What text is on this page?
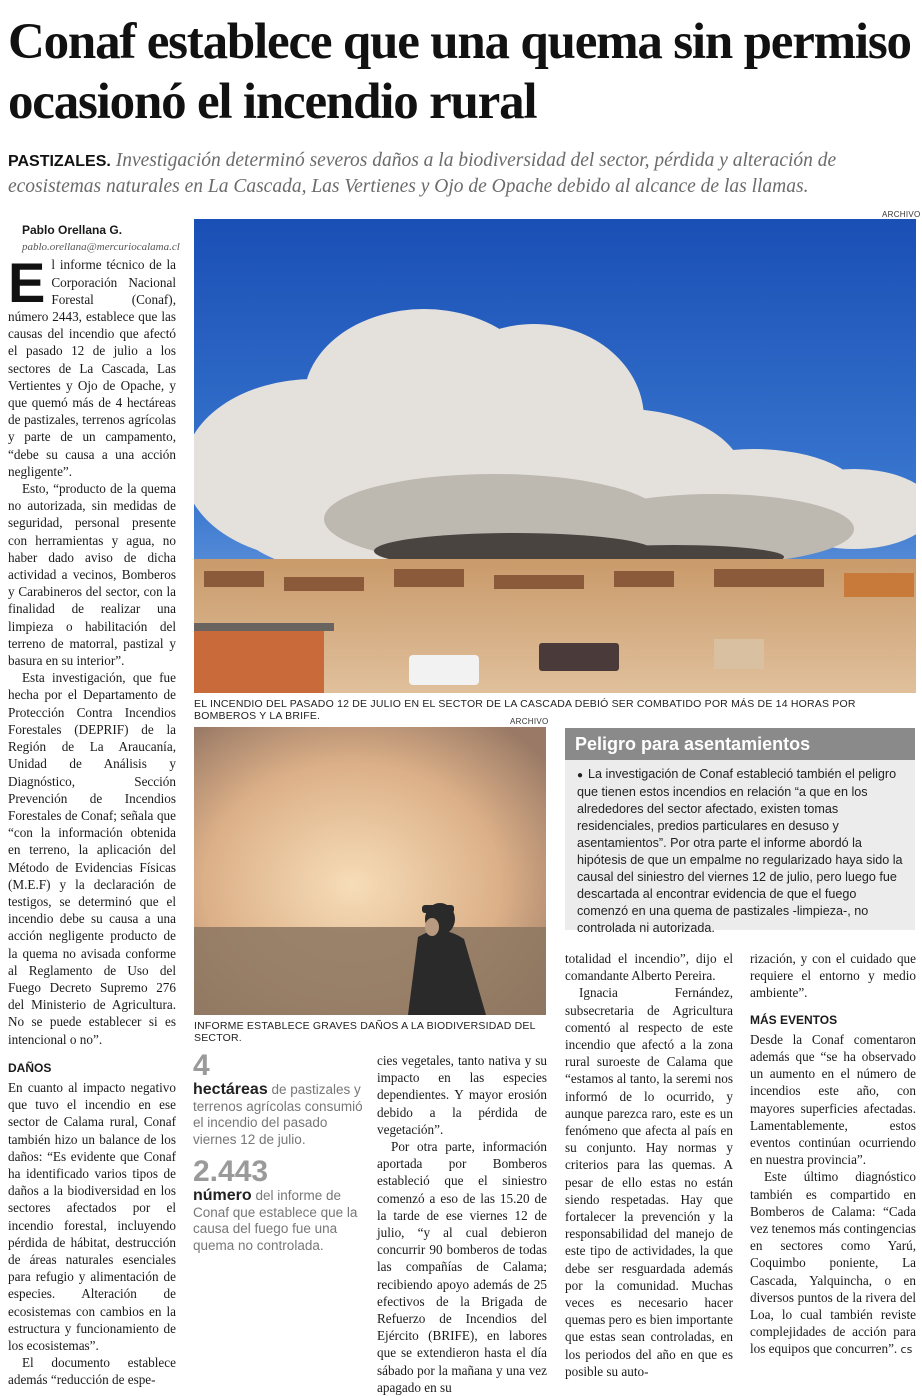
Conaf establece que una quema sin permiso ocasionó el incendio rural

PASTIZALES. Investigación determinó severos daños a la biodiversidad del sector, pérdida y alteración de ecosistemas naturales en La Cascada, Las Vertienes y Ojo de Opache debido al alcance de las llamas.

Pablo Orellana G.

pablo.orellana@mercuriocalama.cl

El informe técnico de la Corporación Nacional Forestal (Conaf), número 2443, establece que las causas del incendio que afectó el pasado 12 de julio a los sectores de La Cascada, Las Vertientes y Ojo de Opache, y que quemó más de 4 hectáreas de pastizales, terrenos agrícolas y parte de un campamento, “debe su causa a una acción negligente”.

Esto, “producto de la quema no autorizada, sin medidas de seguridad, personal presente con herramientas y agua, no haber dado aviso de dicha actividad a vecinos, Bomberos y Carabineros del sector, con la finalidad de realizar una limpieza o habilitación del terreno de matorral, pastizal y basura en su interior”.

Esta investigación, que fue hecha por el Departamento de Protección Contra Incendios Forestales (DEPRIF) de la Región de La Araucanía, Unidad de Análisis y Diagnóstico, Sección Prevención de Incendios Forestales de Conaf; señala que “con la información obtenida en terreno, la aplicación del Método de Evidencias Físicas (M.E.F) y la declaración de testigos, se determinó que el incendio debe su causa a una acción negligente producto de la quema no avisada conforme al Reglamento de Uso del Fuego Decreto Supremo 276 del Ministerio de Agricultura. No se puede establecer si es intencional o no”.

DAÑOS

En cuanto al impacto negativo que tuvo el incendio en ese sector de Calama rural, Conaf también hizo un balance de los daños: “Es evidente que Conaf ha identificado varios tipos de daños a la biodiversidad en los sectores afectados por el incendio forestal, incluyendo pérdida de hábitat, destrucción de áreas naturales esenciales para refugio y alimentación de especies. Alteración de ecosistemas con cambios en la estructura y funcionamiento de los ecosistemas”.

El documento establece además “reducción de espe-

ARCHIVO
EL INCENDIO DEL PASADO 12 DE JULIO EN EL SECTOR DE LA CASCADA DEBIÓ SER COMBATIDO POR MÁS DE 14 HORAS POR BOMBEROS Y LA BRIFE.	ARCHIVO
INFORME ESTABLECE GRAVES DAÑOS A LA BIODIVERSIDAD DEL SECTOR.
Peligro para asentamientos
● La investigación de Conaf estableció también el peligro que tienen estos incendios en relación “a que en los alrededores del sector afectado, existen tomas residenciales, predios particulares en desuso y asentamientos”. Por otra parte el informe abordó la hipótesis de que un empalme no regularizado haya sido la causal del siniestro del viernes 12 de julio, pero luego fue descartada al encontrar evidencia de que el fuego comenzó en una quema de pastizales -limpieza-, no controlada ni autorizada.
4
hectáreas de pastizales y terrenos agrícolas consumió el incendio del pasado viernes 12 de julio.
2.443
número del informe de Conaf que establece que la causa del fuego fue una quema no controlada.

cies vegetales, tanto nativa y su impacto en las especies dependientes. Y mayor erosión debido a la pérdida de vegetación”.

Por otra parte, información aportada por Bomberos estableció que el siniestro comenzó a eso de las 15.20 de la tarde de ese viernes 12 de julio, “y al cual debieron concurrir 90 bomberos de todas las compañías de Calama; recibiendo apoyo además de 25 efectivos de la Brigada de Refuerzo de Incendios del Ejército (BRIFE), en labores que se extendieron hasta el día sábado por la mañana y una vez apagado en su

totalidad el incendio”, dijo el comandante Alberto Pereira.

Ignacia Fernández, subsecretaria de Agricultura comentó al respecto de este incendio que afectó a la zona rural suroeste de Calama que “estamos al tanto, la seremi nos informó de lo ocurrido, y aunque parezca raro, este es un fenómeno que afecta al país en su conjunto. Hay normas y criterios para las quemas. A pesar de ello estas no están siendo respetadas. Hay que fortalecer la prevención y la responsabilidad del manejo de este tipo de actividades, la que debe ser resguardada además por la comunidad. Muchas veces es necesario hacer quemas pero es bien importante que estas sean controladas, en los periodos del año en que es posible su auto-

rización, y con el cuidado que requiere el entorno y medio ambiente”.

MÁS EVENTOS

Desde la Conaf comentaron además que “se ha observado un aumento en el número de incendios este año, con mayores superficies afectadas. Lamentablemente, estos eventos continúan ocurriendo en nuestra provincia”.

Este último diagnóstico también es compartido en Bomberos de Calama: “Cada vez tenemos más contingencias en sectores como Yarú, Coquimbo poniente, La Cascada, Yalquincha, o en diversos puntos de la rivera del Loa, lo cual también reviste complejidades de acción para los equipos que concurren”. cs
